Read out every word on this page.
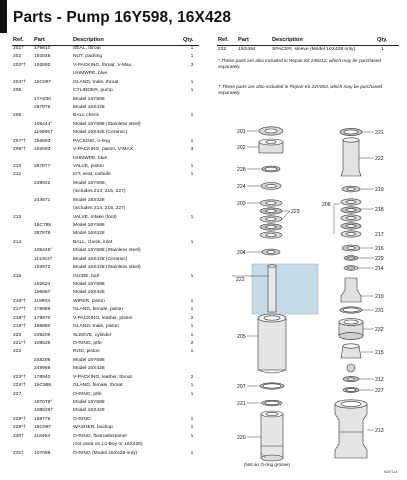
Parts - Pump 16Y598, 16X428
Ref. Part	Description	Qty.	Ref. Part	Description	Qty.
201† 179810	SEAL, throat	1
202	193046	NUT, packing	1
203*† 192692	V-PACKING, throat, V-Max,	3
UHMWPE, blue
204*† 15C987	GLAND, male, throat	1
205	CYLINDER, pump	1
17A030	Model 16Y598
287876	Model 16X428
206	BALL check	1
105444°	Model 16Y598 (Stainless steel)
119059†	Model 16X428 (Ceramic)
207*† 156593	PACKING, o-ring	1
208*† 192693	V-PACKING, piston, V-MAX,	3
UHMWPE, blue
210	287877	VALVE, piston	1
212	KIT, seat, carbide	1
239922	Model 16Y598,
(includes 214, 215, 227)
244671	Model 16X428
(includes 214, 215, 227)
213	VALVE, intake (foot)	1
15C785	Model 16Y598
287878	Model 16X428
214	BALL, check, inlet	1
105445°	Model 16Y598 (Stainless steel)
111453†	Model 16X428 (Ceramic)
102972	Model 16X428 (Stainless steel)
215	GUIDE, ball	1
192624	Model 16Y598
196967	Model 16X428
216*† 118903	WIPER, piston	1
217*† 178969	GLAND, female, piston	1
218*† 178970	V-PACKING, leather, piston	2
219*† 196880	GLAND, male, piston	1
220	248209	SLEEVE, cylinder	1
221*† 108526	O-RING, ptfe	2
222	ROD, piston	1
248206	Model 16Y598
249969	Model 16X428
223*† 178940	V-PACKING, leather, throat	2
224*† 15C988	GLAND, female, throat	1
227	O-RING, ptfe	1
107079°	Model 16Y598
108526†	Model 16X428
228*† 158776	O-RING	1
229*† 15C997	WASHER, backup	1
230† 118494	O-RING, fluoroelastomer	1
(not used on Lo-Boy or 16X428)
231† 107098	O-RING (Model 16X428 only)	1
232 15G494	SPACER, sleeve (Model 16X428 only)	1
* These parts are also included in Repair Kit 248212, which may be purchased separately.
† These parts are also included in Repair Kit 24V063, which may be purchased separately.
201
202
228
224
203
204
222
205
207
221
220
223
221
222
219
218
217
208
216
229
210
231
232
215
212
227
213
214
(Not an O-ring groove)
ti20711a
